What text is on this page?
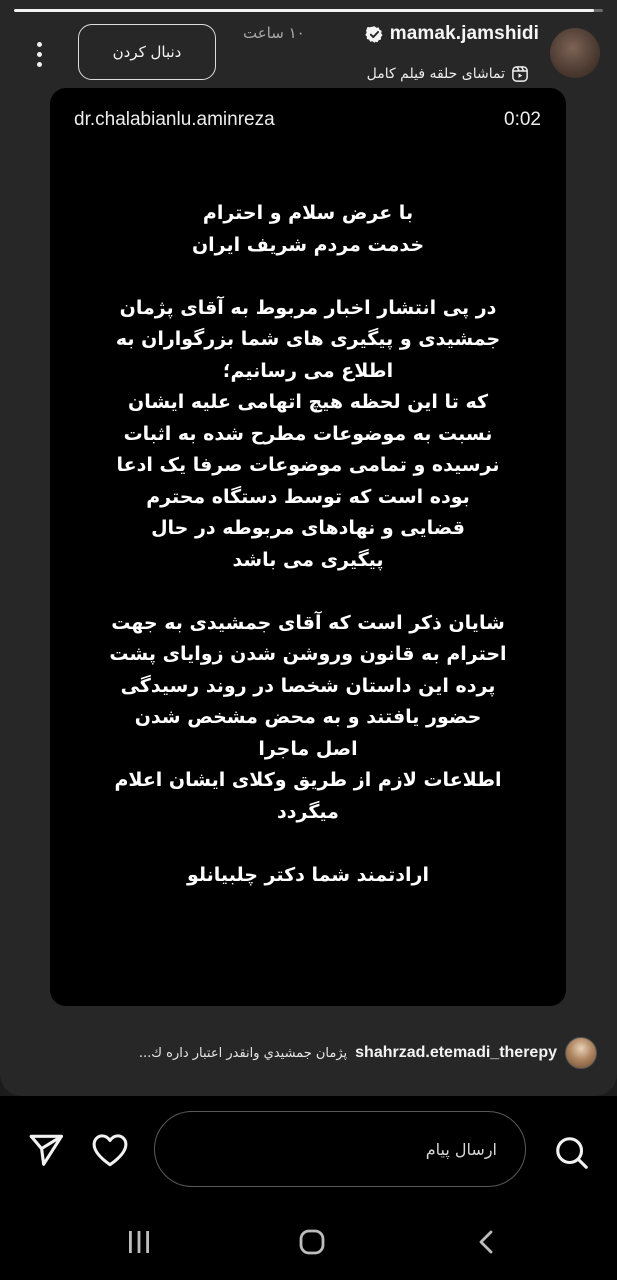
mamak.jamshidi
۱۰ ساعت
تماشای حلقه فیلم کامل
دنبال کردن
dr.chalabianlu.aminreza	0:02

با عرض سلام و احترام

خدمت مردم شریف ایران

در پی انتشار اخبار مربوط به آقای پژمان

جمشیدی و پیگیری های شما بزرگواران به

اطلاع می رسانیم؛

که تا این لحظه هیچ اتهامی علیه ایشان

نسبت به موضوعات مطرح شده به اثبات

نرسیده و تمامی موضوعات صرفا یک ادعا

بوده است که توسط دستگاه محترم

قضایی و نهادهای مربوطه در حال

پیگیری می باشد

شایان ذکر است که آقای جمشیدی به جهت

احترام به قانون وروشن شدن زوایای پشت

پرده این داستان شخصا در روند رسیدگی

حضور یافتند و به محض مشخص شدن

اصل ماجرا

اطلاعات لازم از طریق وکلای ایشان اعلام

میگردد

ارادتمند شما دکتر چلبیانلو

shahrzad.etemadi_therepy
پژمان جمشيدي وانقدر اعتبار داره ك...
ارسال پیام
